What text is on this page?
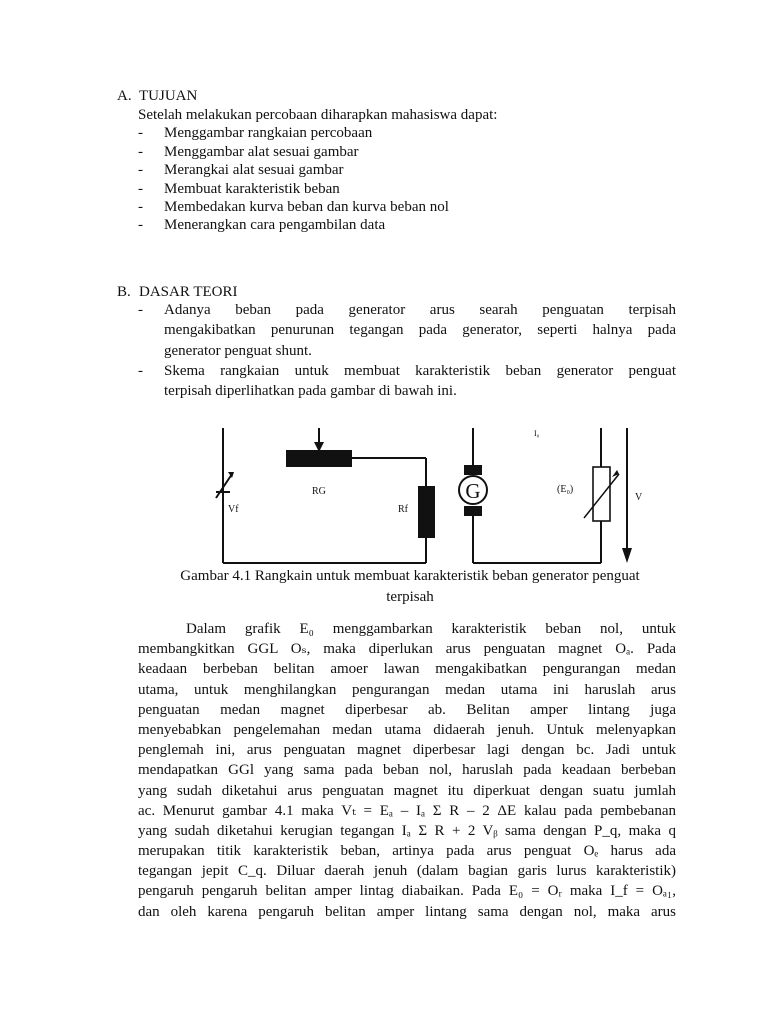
A. TUJUAN
Setelah melakukan percobaan diharapkan mahasiswa dapat:
- Menggambar rangkaian percobaan
- Menggambar alat sesuai gambar
- Merangkai alat sesuai gambar
- Membuat karakteristik beban
- Membedakan kurva beban dan kurva beban nol
- Menerangkan cara pengambilan data
B. DASAR TEORI
- Adanya beban pada generator arus searah penguatan terpisah
mengakibatkan penurunan tegangan pada generator, seperti halnya pada
generator penguat shunt.
- Skema rangkaian untuk membuat karakteristik beban generator penguat
terpisah diperlihatkan pada gambar di bawah ini.
G
Vf
RG
Rf
(E₀)
I₀
V
Gambar 4.1 Rangkain untuk membuat karakteristik beban generator penguat
terpisah
Dalam grafik E₀ menggambarkan karakteristik beban nol, untuk
membangkitkan GGL Oₛ, maka diperlukan arus penguatan magnet Oₐ. Pada
keadaan berbeban belitan amoer lawan mengakibatkan pengurangan medan
utama, untuk menghilangkan pengurangan medan utama ini haruslah arus
penguatan medan magnet diperbesar ab. Belitan amper lintang juga
menyebabkan pengelemahan medan utama didaerah jenuh. Untuk melenyapkan
penglemah ini, arus penguatan magnet diperbesar lagi dengan bc. Jadi untuk
mendapatkan GGl yang sama pada beban nol, haruslah pada keadaan berbeban
yang sudah diketahui arus penguatan magnet itu diperkuat dengan suatu jumlah
ac. Menurut gambar 4.1 maka Vₜ = Eₐ – Iₐ Σ R – 2 ΔE kalau pada pembebanan
yang sudah diketahui kerugian tegangan Iₐ Σ R + 2 Vᵦ sama dengan P_q, maka q
merupakan titik karakteristik beban, artinya pada arus penguat Oₑ harus ada
tegangan jepit C_q. Diluar daerah jenuh (dalam bagian garis lurus karakteristik)
pengaruh pengaruh belitan amper lintag diabaikan. Pada E₀ = Oᵣ maka I_f = Oₐ₁,
dan oleh karena pengaruh belitan amper lintang sama dengan nol, maka arus
